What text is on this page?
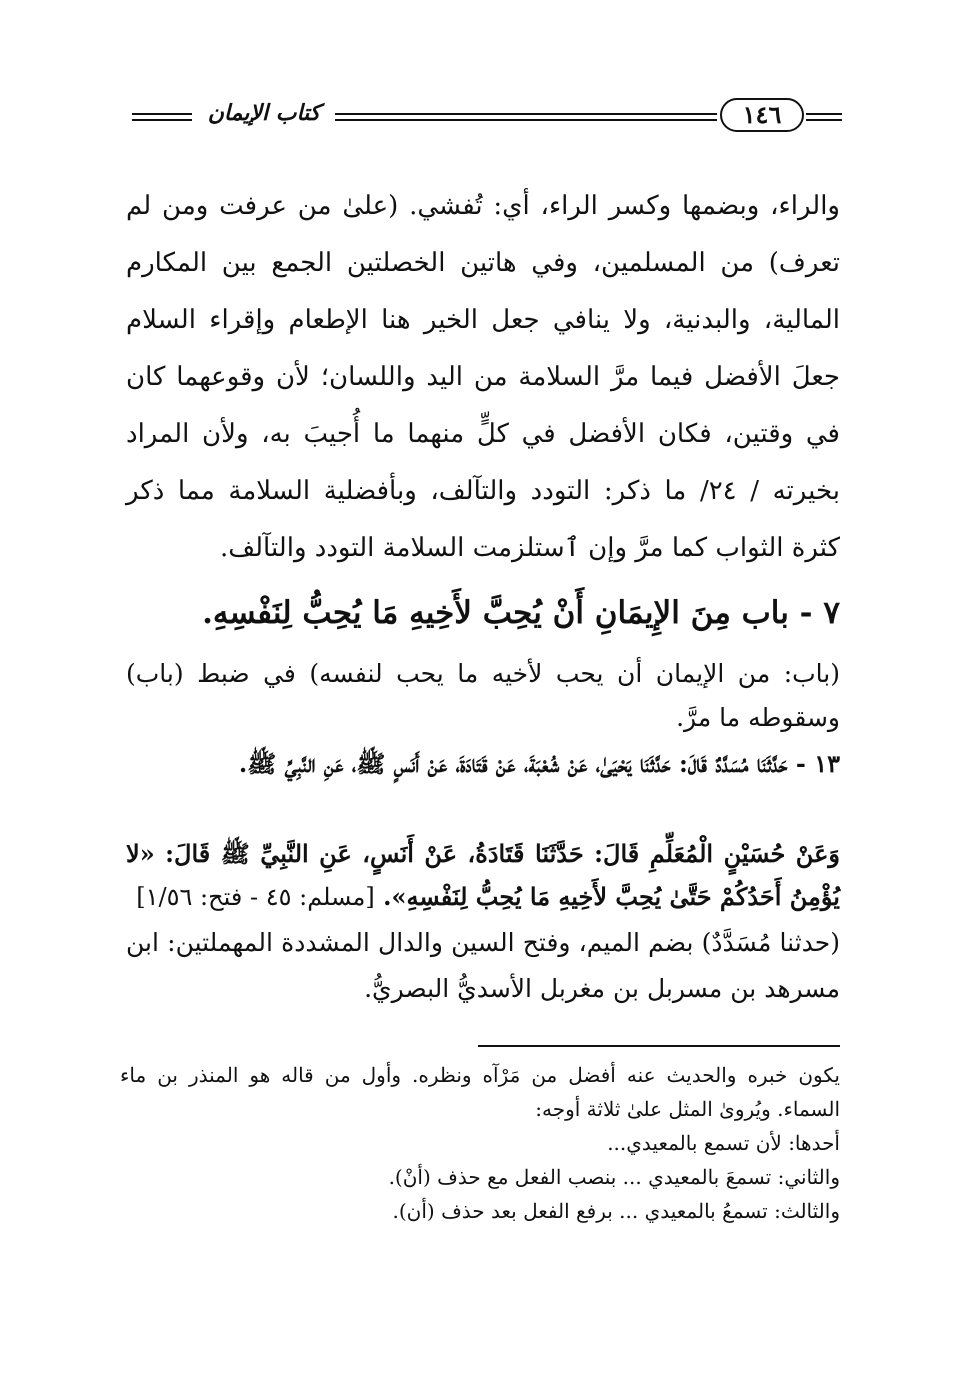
كتاب الإيمان	١٤٦
والراء، وبضمها وكسر الراء، أي: تُفشي. (علىٰ من عرفت ومن لم تعرف) من المسلمين، وفي هاتين الخصلتين الجمع بين المكارم المالية، والبدنية، ولا ينافي جعل الخير هنا الإطعام وإقراء السلام جعلَ الأفضل فيما مرَّ السلامة من اليد واللسان؛ لأن وقوعهما كان في وقتين، فكان الأفضل في كلٍّ منهما ما أُجيبَ به، ولأن المراد بخيرته / ٢٤/ ما ذكر: التودد والتآلف، وبأفضلية السلامة مما ذكر كثرة الثواب كما مرَّ وإن ٱستلزمت السلامة التودد والتآلف.
٧ - باب مِنَ الإِيمَانِ أَنْ يُحِبَّ لأَخِيهِ مَا يُحِبُّ لِنَفْسِهِ.
(باب: من الإيمان أن يحب لأخيه ما يحب لنفسه) في ضبط (باب) وسقوطه ما مرَّ.
١٣ - حَدَّثَنَا مُسَدَّدٌ قَالَ: حَدَّثَنَا يَحْيَىٰ، عَنْ شُعْبَةَ، عَنْ قَتَادَةَ، عَنْ أَنَسٍ ﷺ، عَنِ النَّبِيِّ ﷺ.
وَعَنْ حُسَيْنٍ الْمُعَلِّمِ قَالَ: حَدَّثَنَا قَتَادَةُ، عَنْ أَنَسٍ، عَنِ النَّبِيِّ ﷺ قَالَ: «لا يُؤْمِنُ أَحَدُكُمْ حَتَّىٰ يُحِبَّ لأَخِيهِ مَا يُحِبُّ لِنَفْسِهِ». [مسلم: ٤٥ - فتح: ١/٥٦]
(حدثنا مُسَدَّدٌ) بضم الميم، وفتح السين والدال المشددة المهملتين: ابن مسرهد بن مسربل بن مغربل الأسديُّ البصريُّ.
يكون خبره والحديث عنه أفضل من مَرْآه ونظره. وأول من قاله هو المنذر بن ماء السماء. ويُروىٰ المثل علىٰ ثلاثة أوجه:
أحدها: لأن تسمع بالمعيدي...
والثاني: تسمعَ بالمعيدي ... بنصب الفعل مع حذف (أنْ).
والثالث: تسمعُ بالمعيدي ... برفع الفعل بعد حذف (أن).
